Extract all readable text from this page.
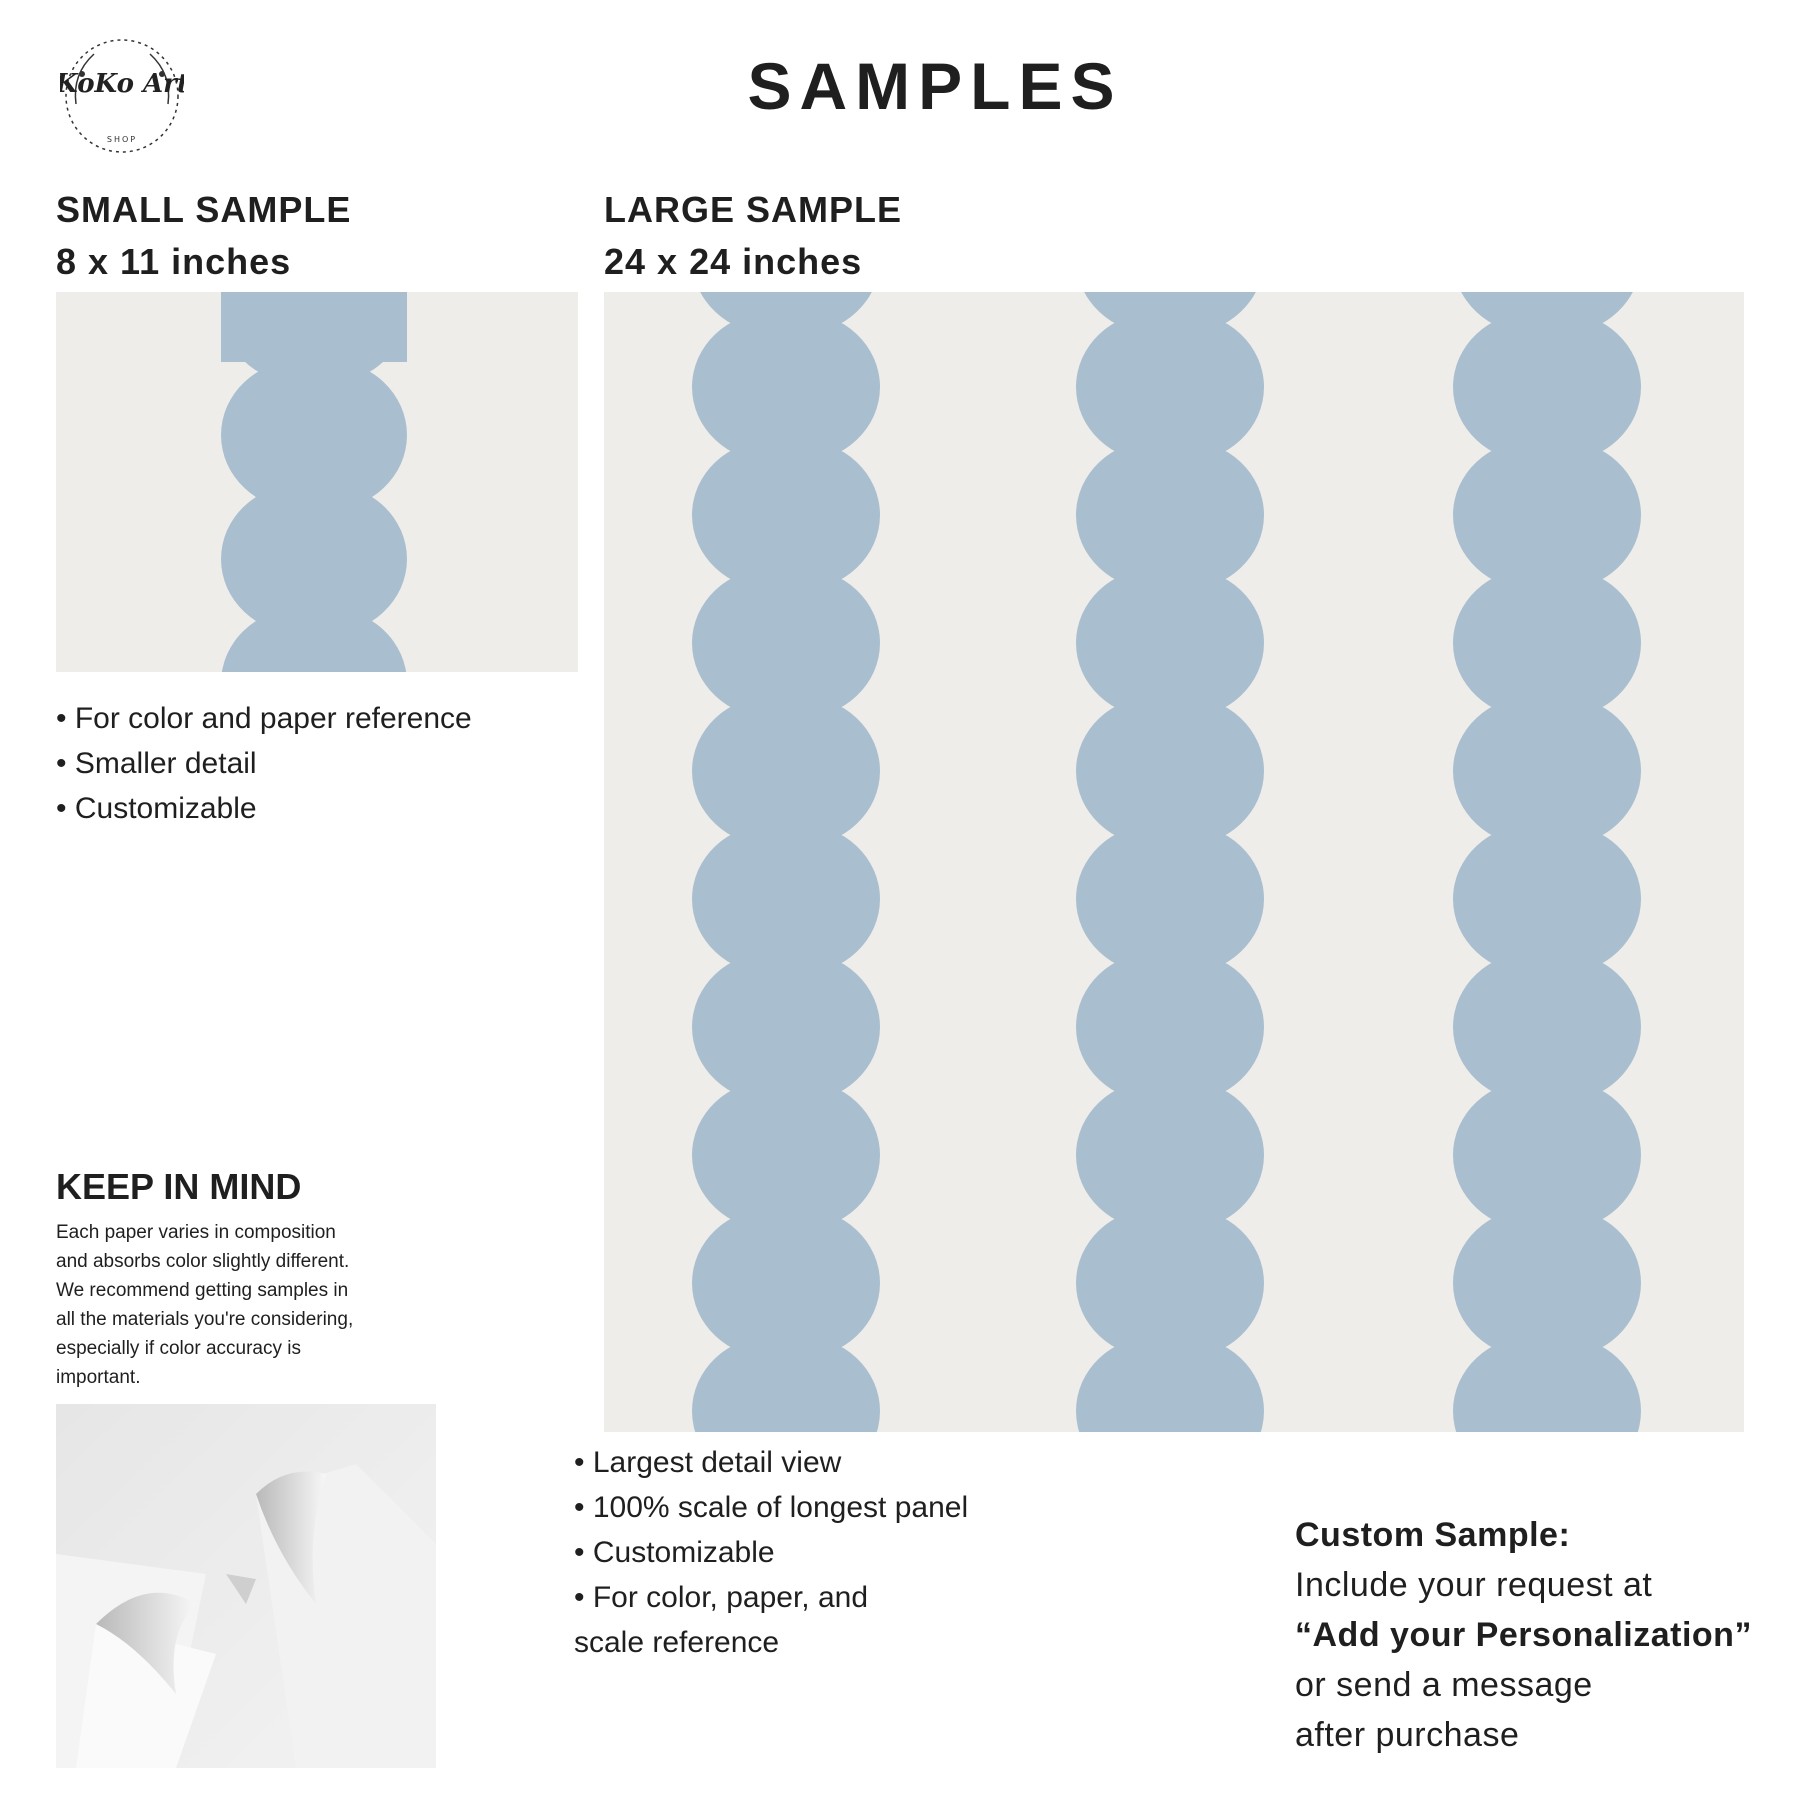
KoKo Art
SHOP
SAMPLES
SMALL SAMPLE
8 x 11 inches
• For color and paper reference
• Smaller detail
• Customizable
LARGE SAMPLE
24 x 24 inches
• Largest detail view
• 100% scale of longest panel
• Customizable
• For color, paper, and
scale reference
KEEP IN MIND
Each paper varies in composition
and absorbs color slightly different.
We recommend getting samples in
all the materials you're considering,
especially if color accuracy is
important.
Custom Sample:
Include your request at
“Add your Personalization”
or send a message
after purchase
